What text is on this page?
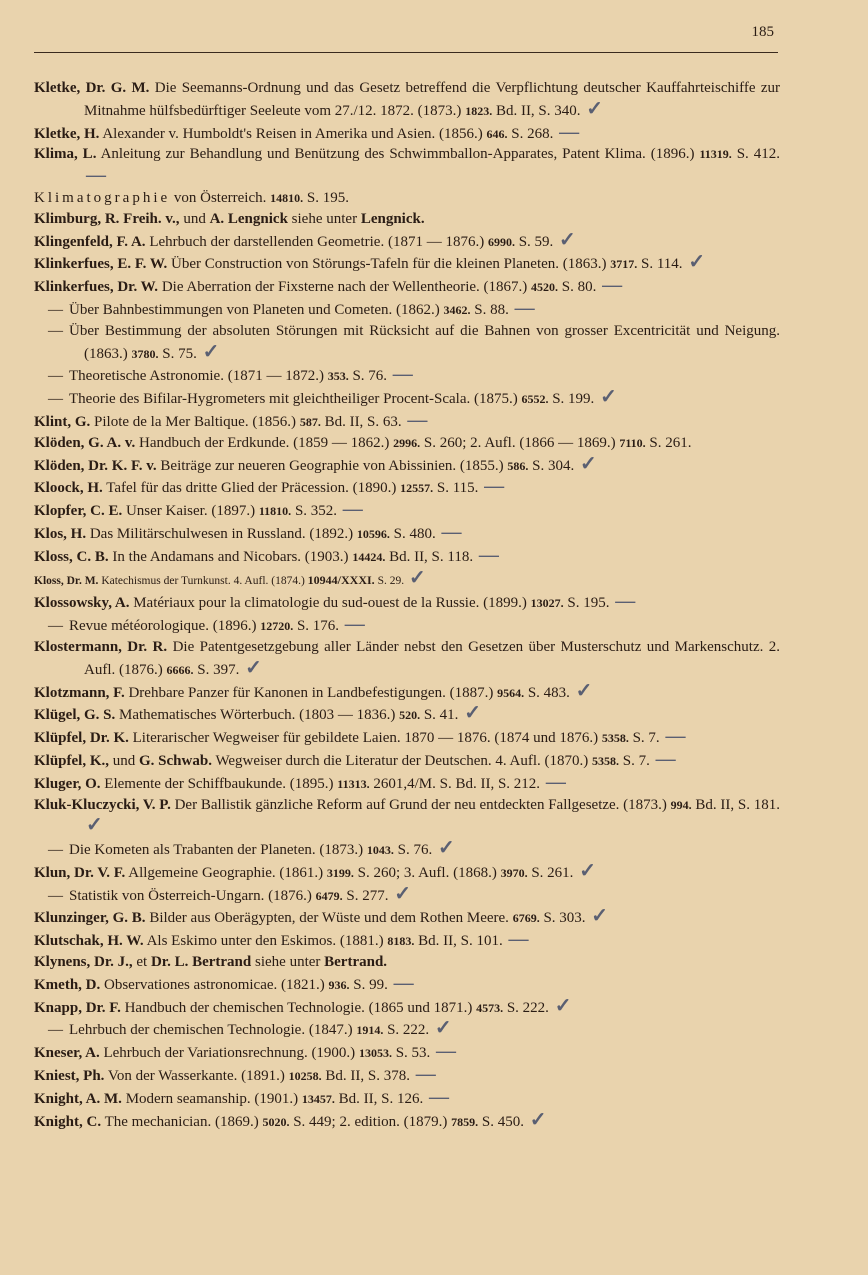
185
Kletke, Dr. G. M. Die Seemanns-Ordnung und das Gesetz betreffend die Verpflichtung deutscher Kauffahrteischiffe zur Mitnahme hülfsbedürftiger Seeleute vom 27./12. 1872. (1873.) 1823. Bd. II, S. 340. ✓
Kletke, H. Alexander v. Humboldt's Reisen in Amerika und Asien. (1856.) 646. S. 268. —
Klima, L. Anleitung zur Behandlung und Benützung des Schwimmballon-Apparates, Patent Klima. (1896.) 11319. S. 412. —
Klimatographie von Österreich. 14810. S. 195.
Klimburg, R. Freih. v., und A. Lengnick siehe unter Lengnick.
Klingenfeld, F. A. Lehrbuch der darstellenden Geometrie. (1871 — 1876.) 6990. S. 59. ✓
Klinkerfues, E. F. W. Über Construction von Störungs-Tafeln für die kleinen Planeten. (1863.) 3717. S. 114. ✓
Klinkerfues, Dr. W. Die Aberration der Fixsterne nach der Wellentheorie. (1867.) 4520. S. 80. —
— Über Bahnbestimmungen von Planeten und Cometen. (1862.) 3462. S. 88. —
— Über Bestimmung der absoluten Störungen mit Rücksicht auf die Bahnen von grosser Excentricität und Neigung. (1863.) 3780. S. 75. ✓
— Theoretische Astronomie. (1871 — 1872.) 353. S. 76. —
— Theorie des Bifilar-Hygrometers mit gleichtheiliger Procent-Scala. (1875.) 6552. S. 199. ✓
Klint, G. Pilote de la Mer Baltique. (1856.) 587. Bd. II, S. 63. —
Klöden, G. A. v. Handbuch der Erdkunde. (1859 — 1862.) 2996. S. 260; 2. Aufl. (1866 — 1869.) 7110. S. 261.
Klöden, Dr. K. F. v. Beiträge zur neueren Geographie von Abissinien. (1855.) 586. S. 304. ✓
Kloock, H. Tafel für das dritte Glied der Präcession. (1890.) 12557. S. 115. —
Klopfer, C. E. Unser Kaiser. (1897.) 11810. S. 352. —
Klos, H. Das Militärschulwesen in Russland. (1892.) 10596. S. 480. —
Kloss, C. B. In the Andamans and Nicobars. (1903.) 14424. Bd. II, S. 118. —
Kloss, Dr. M. Katechismus der Turnkunst. 4. Aufl. (1874.) 10944/XXXI. S. 29. ✓
Klossowsky, A. Matériaux pour la climatologie du sud-ouest de la Russie. (1899.) 13027. S. 195. —
— Revue météorologique. (1896.) 12720. S. 176. —
Klostermann, Dr. R. Die Patentgesetzgebung aller Länder nebst den Gesetzen über Musterschutz und Markenschutz. 2. Aufl. (1876.) 6666. S. 397. ✓
Klotzmann, F. Drehbare Panzer für Kanonen in Landbefestigungen. (1887.) 9564. S. 483. ✓
Klügel, G. S. Mathematisches Wörterbuch. (1803 — 1836.) 520. S. 41. ✓
Klüpfel, Dr. K. Literarischer Wegweiser für gebildete Laien. 1870 — 1876. (1874 und 1876.) 5358. S. 7. —
Klüpfel, K., und G. Schwab. Wegweiser durch die Literatur der Deutschen. 4. Aufl. (1870.) 5358. S. 7. —
Kluger, O. Elemente der Schiffbaukunde. (1895.) 11313. 2601,4/M. S. Bd. II, S. 212. —
Kluk-Kluczycki, V. P. Der Ballistik gänzliche Reform auf Grund der neu entdeckten Fallgesetze. (1873.) 994. Bd. II, S. 181. ✓
— Die Kometen als Trabanten der Planeten. (1873.) 1043. S. 76. ✓
Klun, Dr. V. F. Allgemeine Geographie. (1861.) 3199. S. 260; 3. Aufl. (1868.) 3970. S. 261. ✓
— Statistik von Österreich-Ungarn. (1876.) 6479. S. 277. ✓
Klunzinger, G. B. Bilder aus Oberägypten, der Wüste und dem Rothen Meere. 6769. S. 303. ✓
Klutschak, H. W. Als Eskimo unter den Eskimos. (1881.) 8183. Bd. II, S. 101. —
Klynens, Dr. J., et Dr. L. Bertrand siehe unter Bertrand.
Kmeth, D. Observationes astronomicae. (1821.) 936. S. 99. —
Knapp, Dr. F. Handbuch der chemischen Technologie. (1865 und 1871.) 4573. S. 222. ✓
— Lehrbuch der chemischen Technologie. (1847.) 1914. S. 222. ✓
Kneser, A. Lehrbuch der Variationsrechnung. (1900.) 13053. S. 53. —
Kniest, Ph. Von der Wasserkante. (1891.) 10258. Bd. II, S. 378. —
Knight, A. M. Modern seamanship. (1901.) 13457. Bd. II, S. 126. —
Knight, C. The mechanician. (1869.) 5020. S. 449; 2. edition. (1879.) 7859. S. 450. ✓
